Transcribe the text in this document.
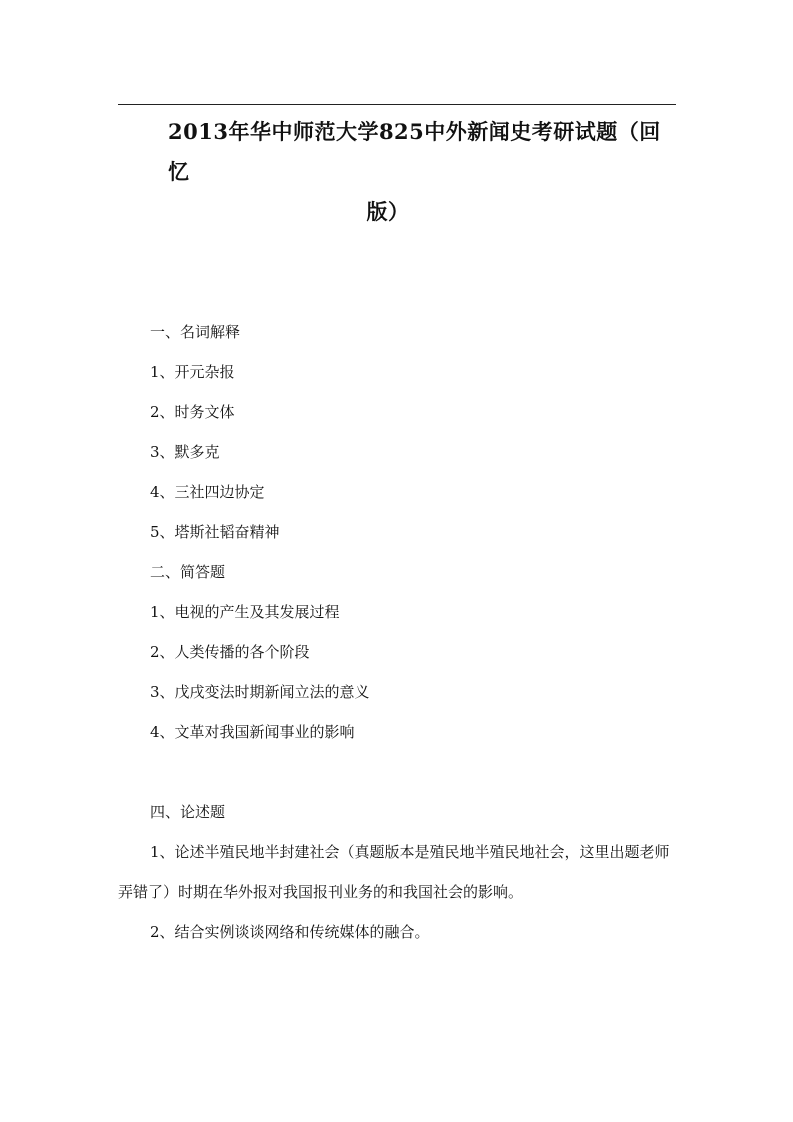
2013年华中师范大学825中外新闻史考研试题（回忆
版）

一、名词解释

1、开元杂报

2、时务文体

3、默多克

4、三社四边协定

5、塔斯社韬奋精神

二、简答题

1、电视的产生及其发展过程

2、人类传播的各个阶段

3、戊戌变法时期新闻立法的意义

4、文革对我国新闻事业的影响

四、论述题

1、论述半殖民地半封建社会（真题版本是殖民地半殖民地社会，这里出题老师弄错了）时期在华外报对我国报刊业务的和我国社会的影响。

2、结合实例谈谈网络和传统媒体的融合。
